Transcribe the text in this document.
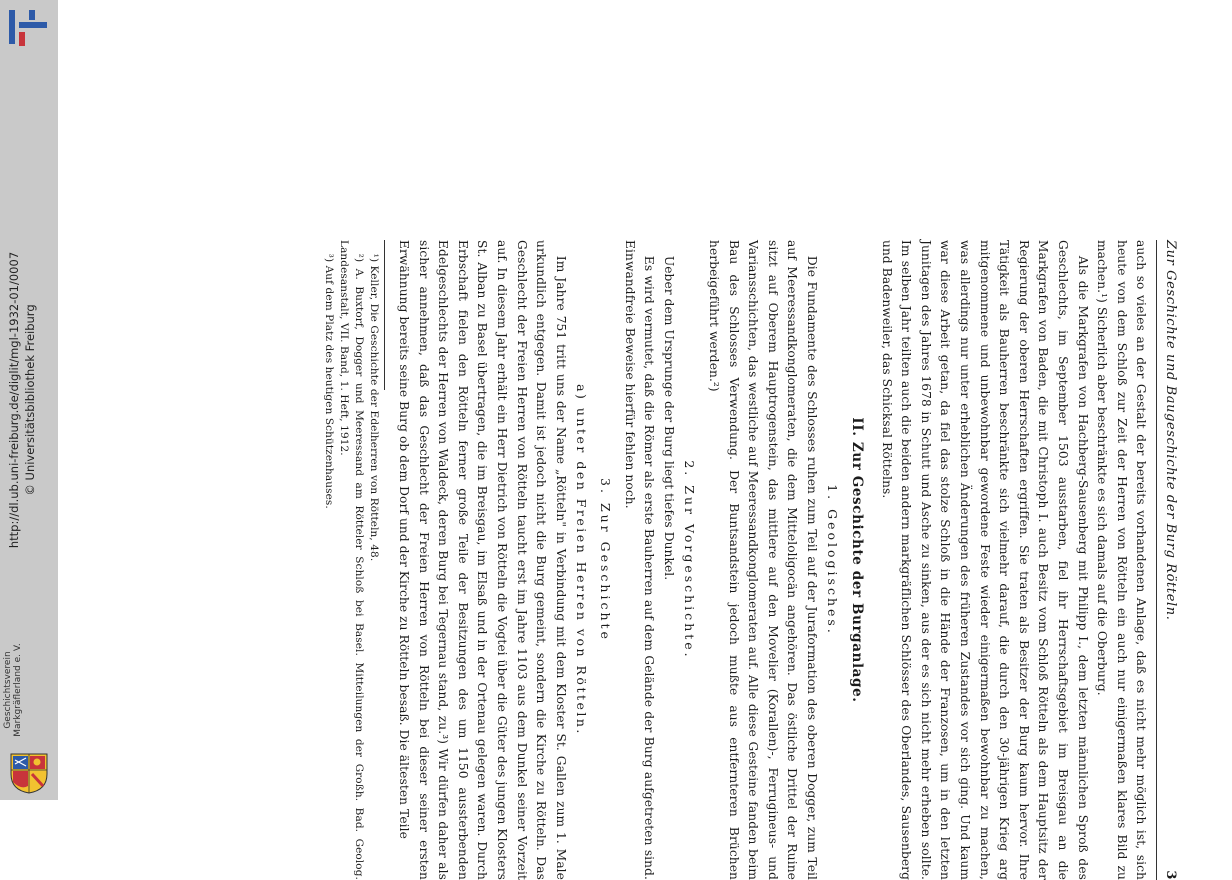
http://dl.ub.uni-freiburg.de/diglit/mgl-1932-01/0007 © Universitätsbibliothek Freiburg
Geschichtsverein Markgräflerland e. V.
Zur Geschichte und Baugeschichte der Burg Rötteln.
3

auch so vieles an der Gestalt der bereits vorhandenen Anlage, daß es nicht mehr möglich ist, sich heute von dem Schloß zur Zeit der Herren von Rötteln ein auch nur einigermaßen klares Bild zu machen.¹) Sicherlich aber beschränkte es sich damals auf die Oberburg.

Als die Markgrafen von Hachberg-Sausenberg mit Philipp I., dem letzten männlichen Sproß des Geschlechts, im September 1503 ausstarben, fiel ihr Herrschaftsgebiet im Breisgau an die Markgrafen von Baden, die mit Christoph I. auch Besitz vom Schloß Rötteln als dem Hauptsitz der Regierung der oberen Herrschaften ergriffen. Sie traten als Besitzer der Burg kaum hervor. Ihre Tätigkeit als Bauherren beschränkte sich vielmehr darauf, die durch den 30-jährigen Krieg arg mitgenommene und unbewohnbar gewordene Feste wieder einigermaßen bewohnbar zu machen, was allerdings nur unter erheblichen Änderungen des früheren Zustandes vor sich ging. Und kaum war diese Arbeit getan, da fiel das stolze Schloß in die Hände der Franzosen, um in den letzten Junitagen des Jahres 1678 in Schutt und Asche zu sinken, aus der es sich nicht mehr erheben sollte. Im selben Jahr teilten auch die beiden andern markgräflichen Schlösser des Oberlandes, Sausenberg und Badenweiler, das Schicksal Röttelns.

II. Zur Geschichte der Burganlage.
1. Geologisches.

Die Fundamente des Schlosses ruhen zum Teil auf der Juraformation des oberen Dogger, zum Teil auf Meeressandkonglomeraten, die dem Mitteloligocän angehören. Das östliche Drittel der Ruine sitzt auf Oberem Hauptrogenstein, das mittlere auf den Movelier (Korallen)-, Ferrugineus- und Variansschichten, das westliche auf Meeressandkonglomeraten auf. Alle diese Gesteine fanden beim Bau des Schlosses Verwendung. Der Buntsandstein jedoch mußte aus entfernteren Brüchen herbeigeführt werden.²)

2. Zur Vorgeschichte.

Ueber dem Ursprunge der Burg liegt tiefes Dunkel.

Es wird vermutet, daß die Römer als erste Bauherren auf dem Gelände der Burg aufgetreten sind. Einwandfreie Beweise hierfür fehlen noch.

3. Zur Geschichte
a) unter den Freien Herren von Rötteln.

Im Jahre 751 tritt uns der Name „Rötteln" in Verbindung mit dem Kloster St. Gallen zum 1. Male urkundlich entgegen. Damit ist jedoch nicht die Burg gemeint, sondern die Kirche zu Rötteln. Das Geschlecht der Freien Herren von Rötteln taucht erst im Jahre 1103 aus dem Dunkel seiner Vorzeit auf. In diesem Jahr erhält ein Herr Dietrich von Rötteln die Vogtei über die Güter des jungen Klosters St. Alban zu Basel übertragen, die im Breisgau, im Elsaß und in der Ortenau gelegen waren. Durch Erbschaft fielen den Rötteln ferner große Teile der Besitzungen des um 1150 aussterbenden Edelgeschlechts der Herren von Waldeck, deren Burg bei Tegernau stand, zu.³) Wir dürfen daher als sicher annehmen, daß das Geschlecht der Freien Herren von Rötteln bei dieser seiner ersten Erwähnung bereits seine Burg ob dem Dorf und der Kirche zu Rötteln besaß. Die ältesten Teile

¹) Keller, Die Geschichte der Edelherren von Rötteln, 48.

²) A. Buxtorf, Dogger und Meeressand am Rötteler Schloß bei Basel. Mitteilungen der Großh. Bad. Geolog. Landesanstalt, VII. Band, 1. Heft, 1912.

³) Auf dem Platz des heutigen Schützenhauses.
